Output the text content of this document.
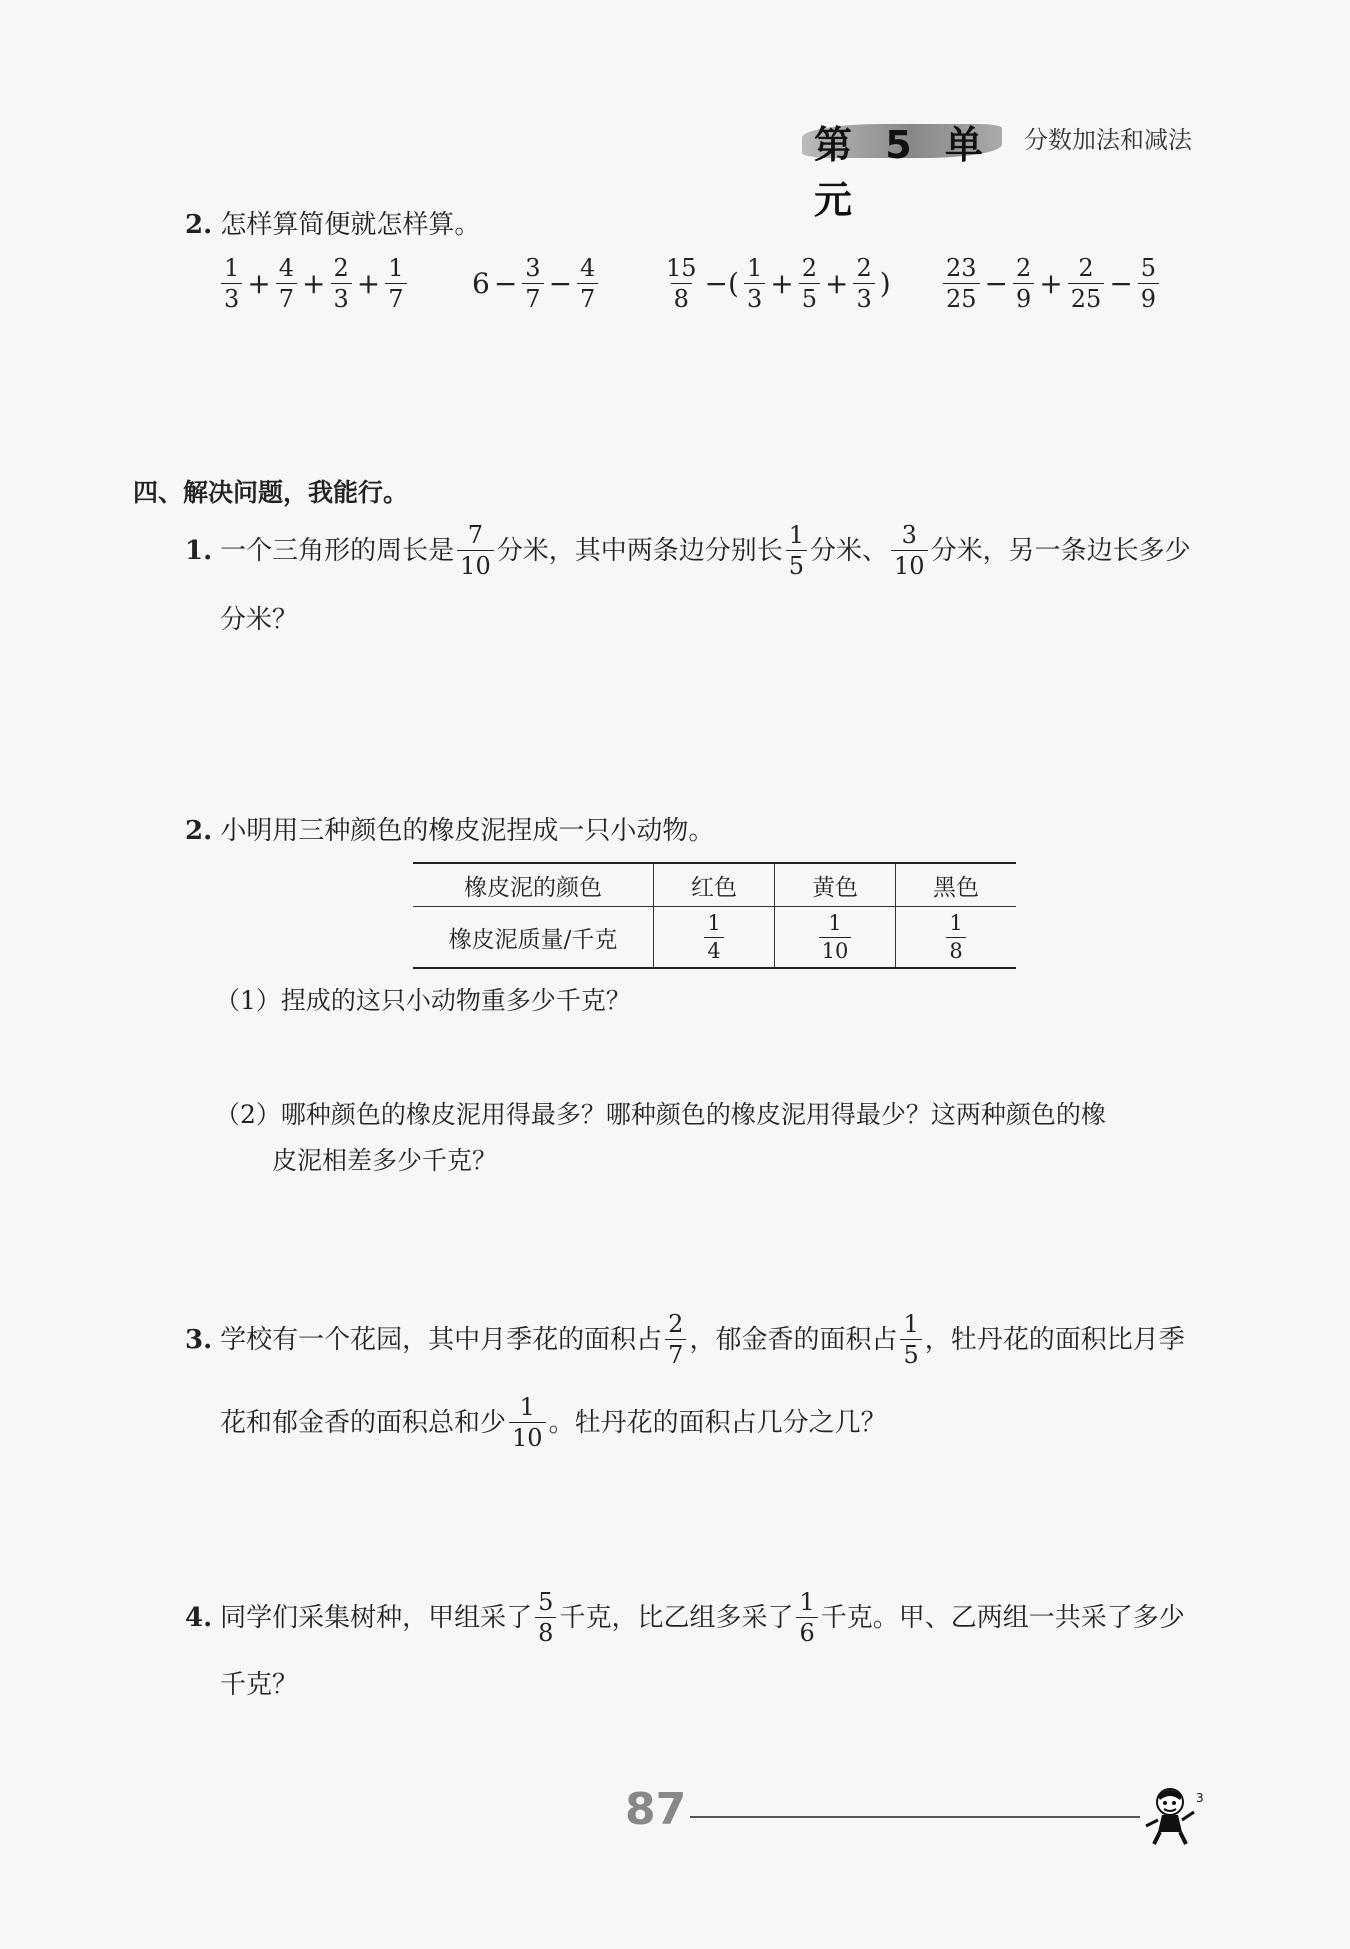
第 5 单元
分数加法和减法
2. 怎样算简便就怎样算。
$\frac{1}{3} + \frac{4}{7} + \frac{2}{3} + \frac{1}{7} 6 - \frac{3}{7} - \frac{4}{7}$	$\frac{15}{8}$ −( $\frac{1}{3} + \frac{2}{5} + \frac{2}{3}$ ) $\frac{23}{25} - \frac{2}{9} + \frac{2}{25} - \frac{5}{9}$
四、解决问题，我能行。
1. 一个三角形的周长是 $\frac{7}{10}$ 分米，其中两条边分别长 $\frac{1}{5}$ 分米、 $\frac{3}{10}$ 分米，另一条边长多少
分米？
2. 小明用三种颜色的橡皮泥捏成一只小动物。
橡皮泥的颜色	红色	黄色	黑色
橡皮泥质量/千克	$\frac{1}{4}$	$\frac{1}{10}$	$\frac{1}{8}$
（1）捏成的这只小动物重多少千克？
（2）哪种颜色的橡皮泥用得最多？哪种颜色的橡皮泥用得最少？这两种颜色的橡
皮泥相差多少千克？
3. 学校有一个花园，其中月季花的面积占 $\frac{2}{7}$ ，郁金香的面积占 $\frac{1}{5}$ ，牡丹花的面积比月季
花和郁金香的面积总和少 $\frac{1}{10}$ 。牡丹花的面积占几分之几？
4. 同学们采集树种，甲组采了 $\frac{5}{8}$ 千克，比乙组多采了 $\frac{1}{6}$ 千克。甲、乙两组一共采了多少
千克？
87	3
